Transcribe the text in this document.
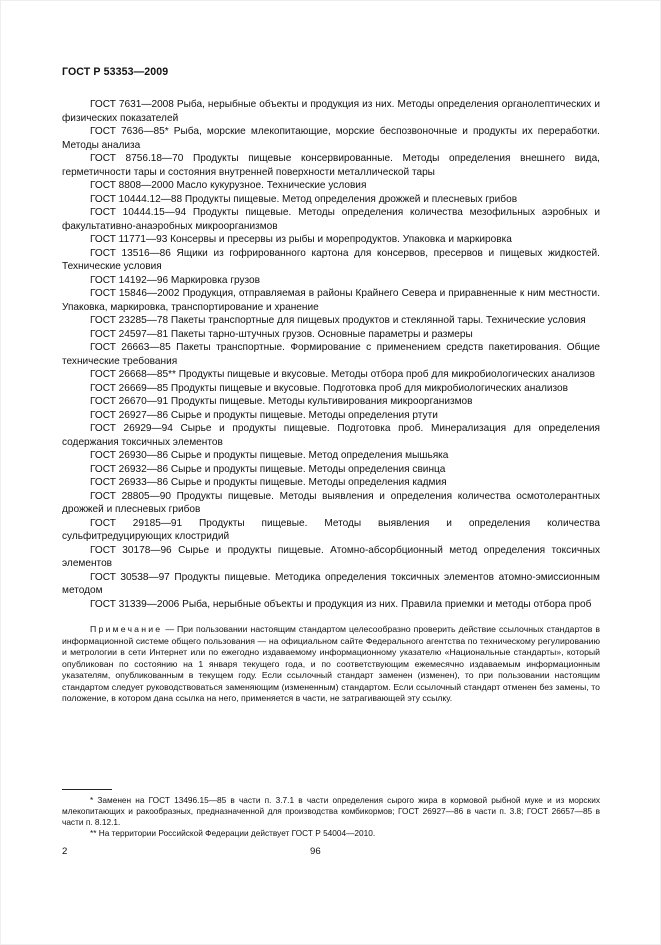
ГОСТ Р 53353—2009

ГОСТ 7631—2008 Рыба, нерыбные объекты и продукция из них. Методы определения органолептических и физических показателей

ГОСТ 7636—85* Рыба, морские млекопитающие, морские беспозвоночные и продукты их переработки. Методы анализа

ГОСТ 8756.18—70 Продукты пищевые консервированные. Методы определения внешнего вида, герметичности тары и состояния внутренней поверхности металлической тары

ГОСТ 8808—2000 Масло кукурузное. Технические условия

ГОСТ 10444.12—88 Продукты пищевые. Метод определения дрожжей и плесневых грибов

ГОСТ 10444.15—94 Продукты пищевые. Методы определения количества мезофильных аэробных и факультативно-анаэробных микроорганизмов

ГОСТ 11771—93 Консервы и пресервы из рыбы и морепродуктов. Упаковка и маркировка

ГОСТ 13516—86 Ящики из гофрированного картона для консервов, пресервов и пищевых жидкостей. Технические условия

ГОСТ 14192—96 Маркировка грузов

ГОСТ 15846—2002 Продукция, отправляемая в районы Крайнего Севера и приравненные к ним местности. Упаковка, маркировка, транспортирование и хранение

ГОСТ 23285—78 Пакеты транспортные для пищевых продуктов и стеклянной тары. Технические условия

ГОСТ 24597—81 Пакеты тарно-штучных грузов. Основные параметры и размеры

ГОСТ 26663—85 Пакеты транспортные. Формирование с применением средств пакетирования. Общие технические требования

ГОСТ 26668—85** Продукты пищевые и вкусовые. Методы отбора проб для микробиологических анализов

ГОСТ 26669—85 Продукты пищевые и вкусовые. Подготовка проб для микробиологических анализов

ГОСТ 26670—91 Продукты пищевые. Методы культивирования микроорганизмов

ГОСТ 26927—86 Сырье и продукты пищевые. Методы определения ртути

ГОСТ 26929—94 Сырье и продукты пищевые. Подготовка проб. Минерализация для определения содержания токсичных элементов

ГОСТ 26930—86 Сырье и продукты пищевые. Метод определения мышьяка

ГОСТ 26932—86 Сырье и продукты пищевые. Методы определения свинца

ГОСТ 26933—86 Сырье и продукты пищевые. Методы определения кадмия

ГОСТ 28805—90 Продукты пищевые. Методы выявления и определения количества осмотолерантных дрожжей и плесневых грибов

ГОСТ 29185—91 Продукты пищевые. Методы выявления и определения количества сульфитредуцирующих клостридий

ГОСТ 30178—96 Сырье и продукты пищевые. Атомно-абсорбционный метод определения токсичных элементов

ГОСТ 30538—97 Продукты пищевые. Методика определения токсичных элементов атомно-эмиссионным методом

ГОСТ 31339—2006 Рыба, нерыбные объекты и продукция из них. Правила приемки и методы отбора проб

Примечание — При пользовании настоящим стандартом целесообразно проверить действие ссылочных стандартов в информационной системе общего пользования — на официальном сайте Федерального агентства по техническому регулированию и метрологии в сети Интернет или по ежегодно издаваемому информационному указателю «Национальные стандарты», который опубликован по состоянию на 1 января текущего года, и по соответствующим ежемесячно издаваемым информационным указателям, опубликованным в текущем году. Если ссылочный стандарт заменен (изменен), то при пользовании настоящим стандартом следует руководствоваться заменяющим (измененным) стандартом. Если ссылочный стандарт отменен без замены, то положение, в котором дана ссылка на него, применяется в части, не затрагивающей эту ссылку.

* Заменен на ГОСТ 13496.15—85 в части п. 3.7.1 в части определения сырого жира в кормовой рыбной муке и из морских млекопитающих и ракообразных, предназначенной для производства комбикормов; ГОСТ 26927—86 в части п. 3.8; ГОСТ 26657—85 в части п. 8.12.1.

** На территории Российской Федерации действует ГОСТ Р 54004—2010.

2	96
